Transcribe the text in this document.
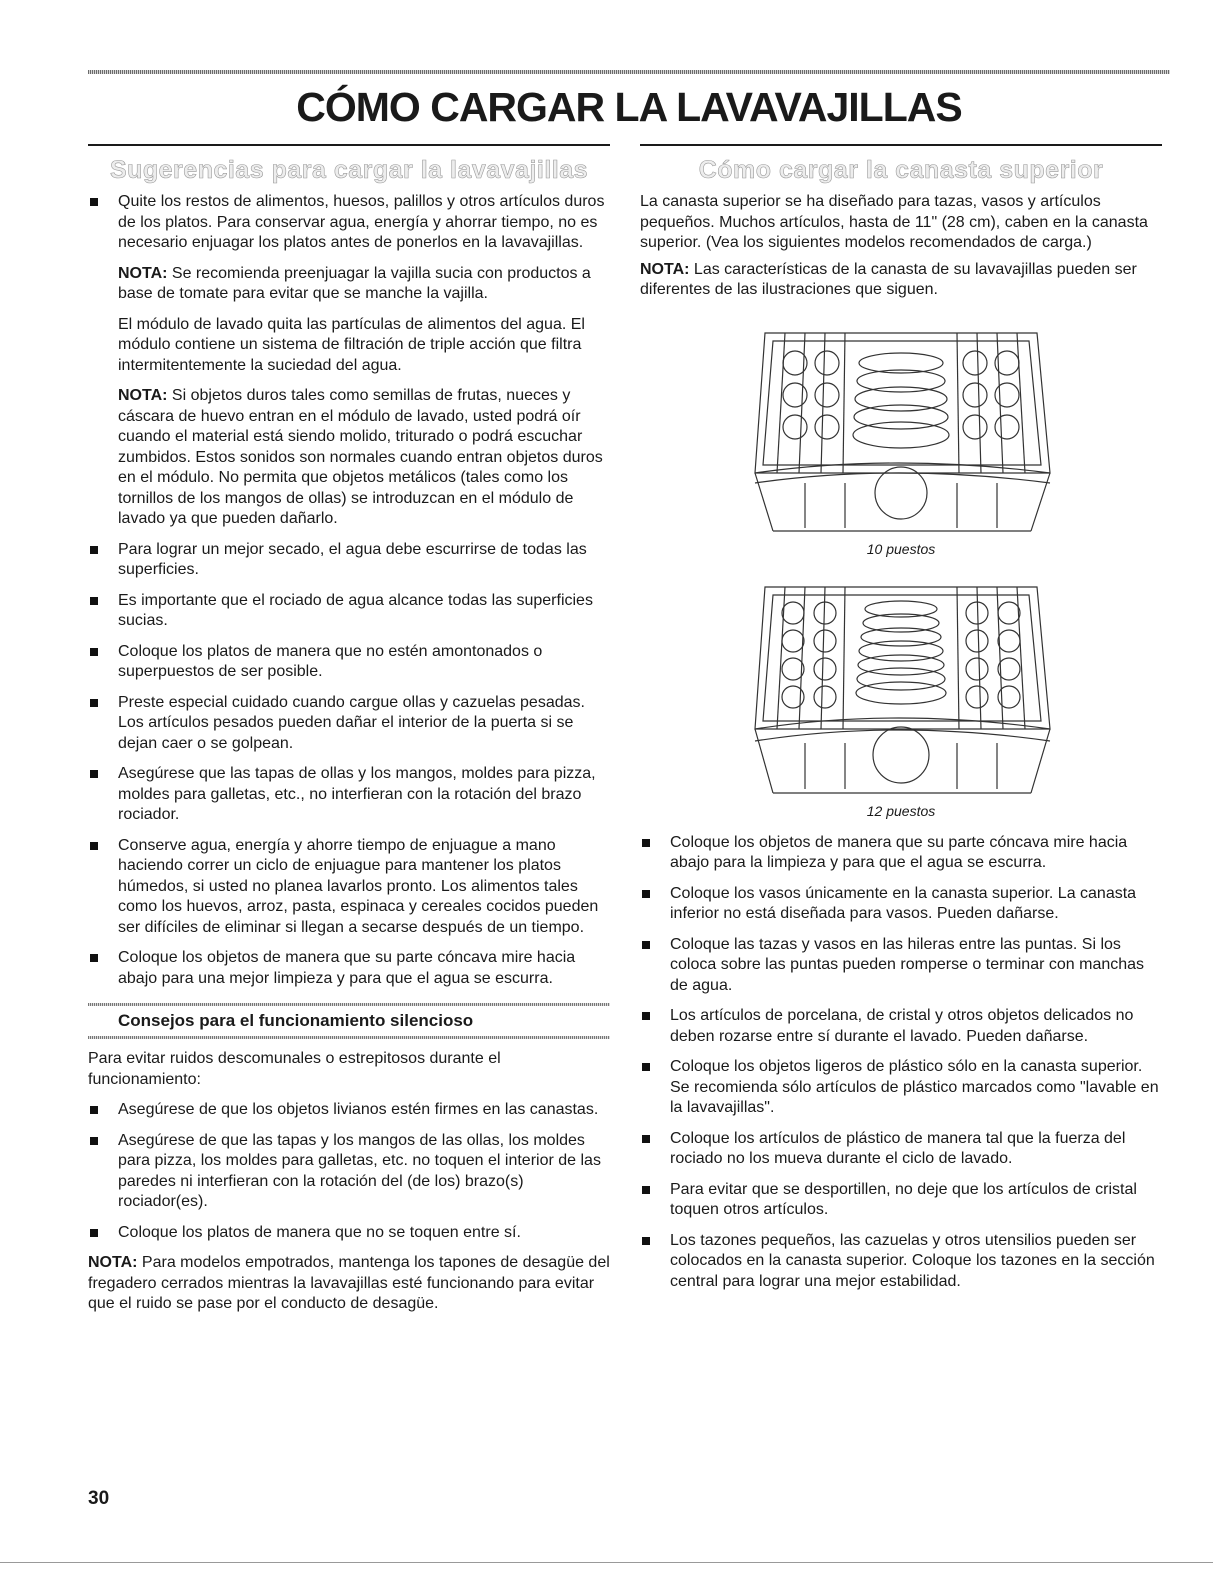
CÓMO CARGAR LA LAVAVAJILLAS
Sugerencias para cargar la lavavajillas

Quite los restos de alimentos, huesos, palillos y otros artículos duros de los platos. Para conservar agua, energía y ahorrar tiempo, no es necesario enjuagar los platos antes de ponerlos en la lavavajillas.

NOTA: Se recomienda preenjuagar la vajilla sucia con productos a base de tomate para evitar que se manche la vajilla.

El módulo de lavado quita las partículas de alimentos del agua. El módulo contiene un sistema de filtración de triple acción que filtra intermitentemente la suciedad del agua.

NOTA: Si objetos duros tales como semillas de frutas, nueces y cáscara de huevo entran en el módulo de lavado, usted podrá oír cuando el material está siendo molido, triturado o podrá escuchar zumbidos. Estos sonidos son normales cuando entran objetos duros en el módulo. No permita que objetos metálicos (tales como los tornillos de los mangos de ollas) se introduzcan en el módulo de lavado ya que pueden dañarlo.

Para lograr un mejor secado, el agua debe escurrirse de todas las superficies.
Es importante que el rociado de agua alcance todas las superficies sucias.
Coloque los platos de manera que no estén amontonados o superpuestos de ser posible.
Preste especial cuidado cuando cargue ollas y cazuelas pesadas. Los artículos pesados pueden dañar el interior de la puerta si se dejan caer o se golpean.
Asegúrese que las tapas de ollas y los mangos, moldes para pizza, moldes para galletas, etc., no interfieran con la rotación del brazo rociador.
Conserve agua, energía y ahorre tiempo de enjuague a mano haciendo correr un ciclo de enjuague para mantener los platos húmedos, si usted no planea lavarlos pronto. Los alimentos tales como los huevos, arroz, pasta, espinaca y cereales cocidos pueden ser difíciles de eliminar si llegan a secarse después de un tiempo.
Coloque los objetos de manera que su parte cóncava mire hacia abajo para una mejor limpieza y para que el agua se escurra.
Consejos para el funcionamiento silencioso

Para evitar ruidos descomunales o estrepitosos durante el funcionamiento:

Asegúrese de que los objetos livianos estén firmes en las canastas.
Asegúrese de que las tapas y los mangos de las ollas, los moldes para pizza, los moldes para galletas, etc. no toquen el interior de las paredes ni interfieran con la rotación del (de los) brazo(s) rociador(es).
Coloque los platos de manera que no se toquen entre sí.

NOTA: Para modelos empotrados, mantenga los tapones de desagüe del fregadero cerrados mientras la lavavajillas esté funcionando para evitar que el ruido se pase por el conducto de desagüe.

Cómo cargar la canasta superior

La canasta superior se ha diseñado para tazas, vasos y artículos pequeños. Muchos artículos, hasta de 11" (28 cm), caben en la canasta superior. (Vea los siguientes modelos recomendados de carga.)

NOTA: Las características de la canasta de su lavavajillas pueden ser diferentes de las ilustraciones que siguen.

10 puestos
12 puestos
Coloque los objetos de manera que su parte cóncava mire hacia abajo para la limpieza y para que el agua se escurra.
Coloque los vasos únicamente en la canasta superior. La canasta inferior no está diseñada para vasos. Pueden dañarse.
Coloque las tazas y vasos en las hileras entre las puntas. Si los coloca sobre las puntas pueden romperse o terminar con manchas de agua.
Los artículos de porcelana, de cristal y otros objetos delicados no deben rozarse entre sí durante el lavado. Pueden dañarse.
Coloque los objetos ligeros de plástico sólo en la canasta superior. Se recomienda sólo artículos de plástico marcados como "lavable en la lavavajillas".
Coloque los artículos de plástico de manera tal que la fuerza del rociado no los mueva durante el ciclo de lavado.
Para evitar que se desportillen, no deje que los artículos de cristal toquen otros artículos.
Los tazones pequeños, las cazuelas y otros utensilios pueden ser colocados en la canasta superior. Coloque los tazones en la sección central para lograr una mejor estabilidad.
30
